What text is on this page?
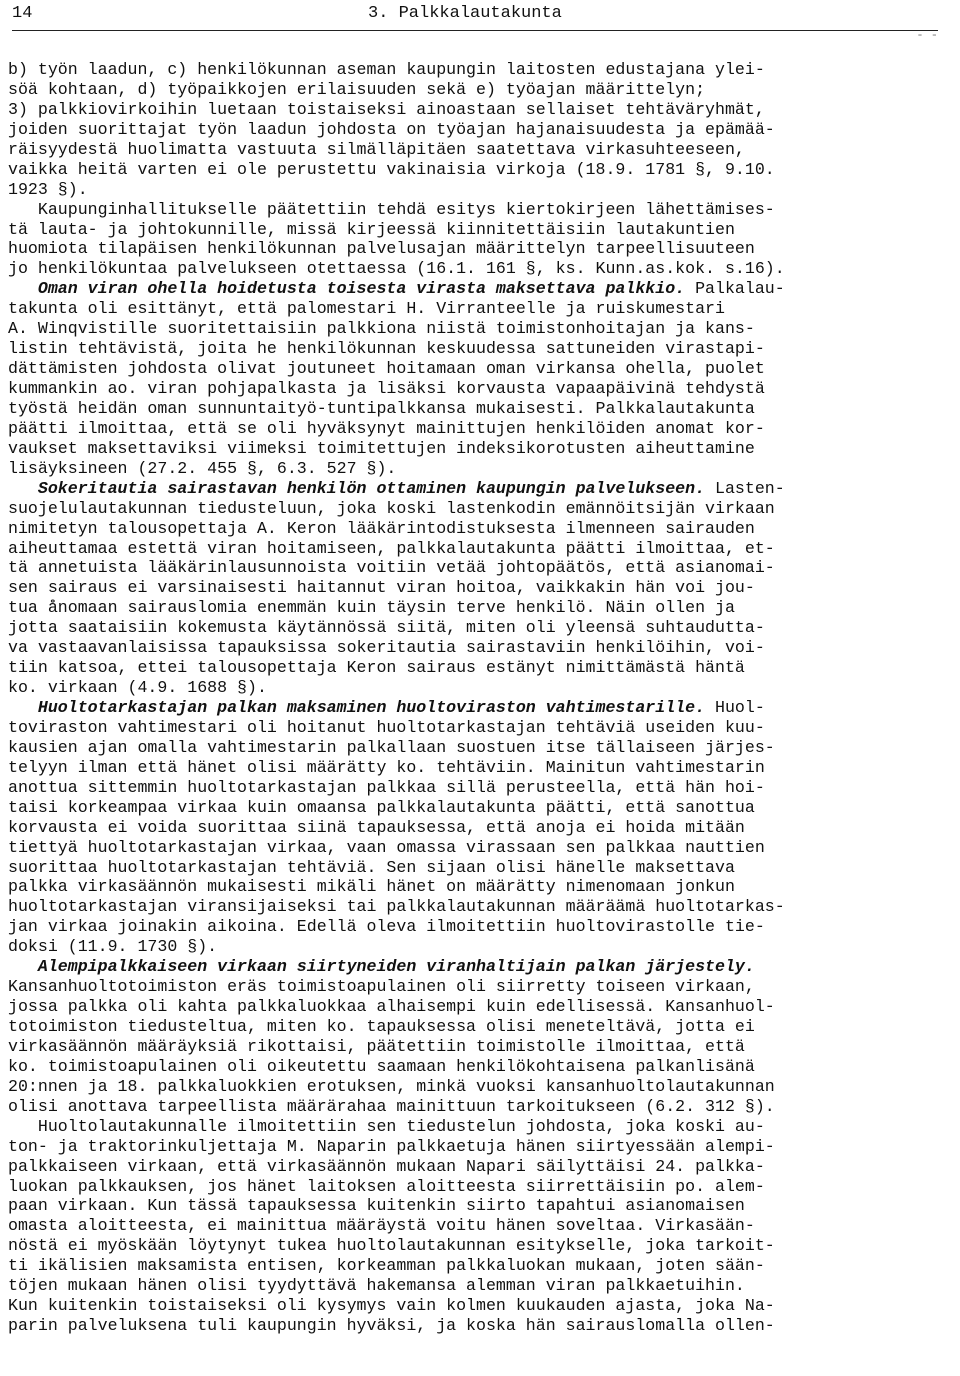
14	3. Palkkalautakunta
- -
b) työn laadun, c) henkilökunnan aseman kaupungin laitosten edustajana ylei-
söä kohtaan, d) työpaikkojen erilaisuuden sekä e) työajan määrittelyn;
3) palkkiovirkoihin luetaan toistaiseksi ainoastaan sellaiset tehtäväryhmät,
joiden suorittajat työn laadun johdosta on työajan hajanaisuudesta ja epämää-
räisyydestä huolimatta vastuuta silmälläpitäen saatettava virkasuhteeseen,
vaikka heitä varten ei ole perustettu vakinaisia virkoja (18.9. 1781 §, 9.10.
1923 §).
Kaupunginhallitukselle päätettiin tehdä esitys kiertokirjeen lähettämises-
tä lauta- ja johtokunnille, missä kirjeessä kiinnitettäisiin lautakuntien
huomiota tilapäisen henkilökunnan palvelusajan määrittelyn tarpeellisuuteen
jo henkilökuntaa palvelukseen otettaessa (16.1. 161 §, ks. Kunn.as.kok. s.16).
Oman viran ohella hoidetusta toisesta virasta maksettava palkkio. Palkalau-
takunta oli esittänyt, että palomestari H. Virranteelle ja ruiskumestari
A. Winqvistille suoritettaisiin palkkiona niistä toimistonhoitajan ja kans-
listin tehtävistä, joita he henkilökunnan keskuudessa sattuneiden virastapi-
dättämisten johdosta olivat joutuneet hoitamaan oman virkansa ohella, puolet
kummankin ao. viran pohjapalkasta ja lisäksi korvausta vapaapäivinä tehdystä
työstä heidän oman sunnuntaityö-tuntipalkkansa mukaisesti. Palkkalautakunta
päätti ilmoittaa, että se oli hyväksynyt mainittujen henkilöiden anomat kor-
vaukset maksettaviksi viimeksi toimitettujen indeksikorotusten aiheuttamine
lisäyksineen (27.2. 455 §, 6.3. 527 §).
Sokeritautia sairastavan henkilön ottaminen kaupungin palvelukseen. Lasten-
suojelulautakunnan tiedusteluun, joka koski lastenkodin emännöitsijän virkaan
nimitetyn talousopettaja A. Keron lääkärintodistuksesta ilmenneen sairauden
aiheuttamaa estettä viran hoitamiseen, palkkalautakunta päätti ilmoittaa, et-
tä annetuista lääkärinlausunnoista voitiin vetää johtopäätös, että asianomai-
sen sairaus ei varsinaisesti haitannut viran hoitoa, vaikkakin hän voi jou-
tua ånomaan sairauslomia enemmän kuin täysin terve henkilö. Näin ollen ja
jotta saataisiin kokemusta käytännössä siitä, miten oli yleensä suhtauduttа-
va vastaavanlaisissa tapauksissa sokeritautia sairastaviin henkilöihin, voi-
tiin katsoa, ettei talousopettaja Keron sairaus estänyt nimittämästä häntä
ko. virkaan (4.9. 1688 §).
Huoltotarkastajan palkan maksaminen huoltoviraston vahtimestarille. Huol-
toviraston vahtimestari oli hoitanut huoltotarkastajan tehtäviä useiden kuu-
kausien ajan omalla vahtimestarin palkallaan suostuen itse tällaiseen järjes-
telyyn ilman että hänet olisi määrätty ko. tehtäviin. Mainitun vahtimestarin
anottua sittemmin huoltotarkastajan palkkaa sillä perusteella, että hän hoi-
taisi korkeampaa virkaa kuin omaansa palkkalautakunta päätti, että sanottua
korvausta ei voida suorittaa siinä tapauksessa, että anoja ei hoida mitään
tiettyä huoltotarkastajan virkaa, vaan omassa virassaan sen palkkaa nauttien
suorittaa huoltotarkastajan tehtäviä. Sen sijaan olisi hänelle maksettava
palkka virkasäännön mukaisesti mikäli hänet on määrätty nimenomaan jonkun
huoltotarkastajan viransijaiseksi tai palkkalautakunnan määräämä huoltotarkas-
jan virkaa joinakin aikoina. Edellä oleva ilmoitettiin huoltovirastolle tie-
doksi (11.9. 1730 §).
Alempipalkkaiseen virkaan siirtyneiden viranhaltijain palkan järjestely.
Kansanhuoltotoimiston eräs toimistoapulainen oli siirretty toiseen virkaan,
jossa palkka oli kahta palkkaluokkaa alhaisempi kuin edellisessä. Kansanhuol-
totoimiston tiedusteltua, miten ko. tapauksessa olisi meneteltävä, jotta ei
virkasäännön määräyksiä rikottaisi, päätettiin toimistolle ilmoittaa, että
ko. toimistoapulainen oli oikeutettu saamaan henkilökohtaisena palkanlisänä
20:nnen ja 18. palkkaluokkien erotuksen, minkä vuoksi kansanhuoltolautakunnan
olisi anottava tarpeellista määrärahaa mainittuun tarkoitukseen (6.2. 312 §).
Huoltolautakunnalle ilmoitettiin sen tiedustelun johdosta, joka koski au-
ton- ja traktorinkuljettaja M. Naparin palkkaetuja hänen siirtyessään alempi-
palkkaiseen virkaan, että virkasäännön mukaan Napari säilyttäisi 24. palkka-
luokan palkkauksen, jos hänet laitoksen aloitteesta siirrettäisiin po. alem-
paan virkaan. Kun tässä tapauksessa kuitenkin siirto tapahtui asianomaisen
omasta aloitteesta, ei mainittua määräystä voitu hänen soveltaa. Virkasään-
nöstä ei myöskään löytynyt tukea huoltolautakunnan esitykselle, joka tarkoit-
ti ikälisien maksamista entisen, korkeamman palkkaluokan mukaan, joten sään-
töjen mukaan hänen olisi tyydyttävä hakemansa alemman viran palkkaetuihin.
Kun kuitenkin toistaiseksi oli kysymys vain kolmen kuukauden ajasta, joka Na-
parin palveluksena tuli kaupungin hyväksi, ja koska hän sairauslomalla ollen-
